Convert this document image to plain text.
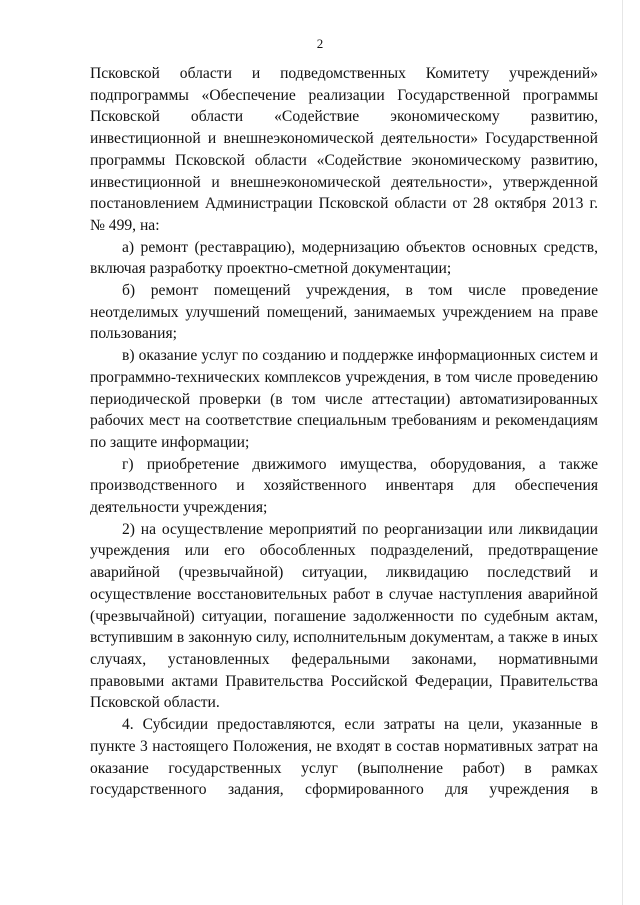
2

Псковской области и подведомственных Комитету учреждений» подпрограммы «Обеспечение реализации Государственной программы Псковской области «Содействие экономическому развитию, инвестиционной и внешнеэкономической деятельности» Государственной программы Псковской области «Содействие экономическому развитию, инвестиционной и внешнеэкономической деятельности», утвержденной постановлением Администрации Псковской области от 28 октября 2013 г. № 499, на:

а) ремонт (реставрацию), модернизацию объектов основных средств, включая разработку проектно-сметной документации;

б) ремонт помещений учреждения, в том числе проведение неотделимых улучшений помещений, занимаемых учреждением на праве пользования;

в) оказание услуг по созданию и поддержке информационных систем и программно-технических комплексов учреждения, в том числе проведению периодической проверки (в том числе аттестации) автоматизированных рабочих мест на соответствие специальным требованиям и рекомендациям по защите информации;

г) приобретение движимого имущества, оборудования, а также производственного и хозяйственного инвентаря для обеспечения деятельности учреждения;

2) на осуществление мероприятий по реорганизации или ликвидации учреждения или его обособленных подразделений, предотвращение аварийной (чрезвычайной) ситуации, ликвидацию последствий и осуществление восстановительных работ в случае наступления аварийной (чрезвычайной) ситуации, погашение задолженности по судебным актам, вступившим в законную силу, исполнительным документам, а также в иных случаях, установленных федеральными законами, нормативными правовыми актами Правительства Российской Федерации, Правительства Псковской области.

4. Субсидии предоставляются, если затраты на цели, указанные в пункте 3 настоящего Положения, не входят в состав нормативных затрат на оказание государственных услуг (выполнение работ) в рамках государственного задания, сформированного для учреждения в
